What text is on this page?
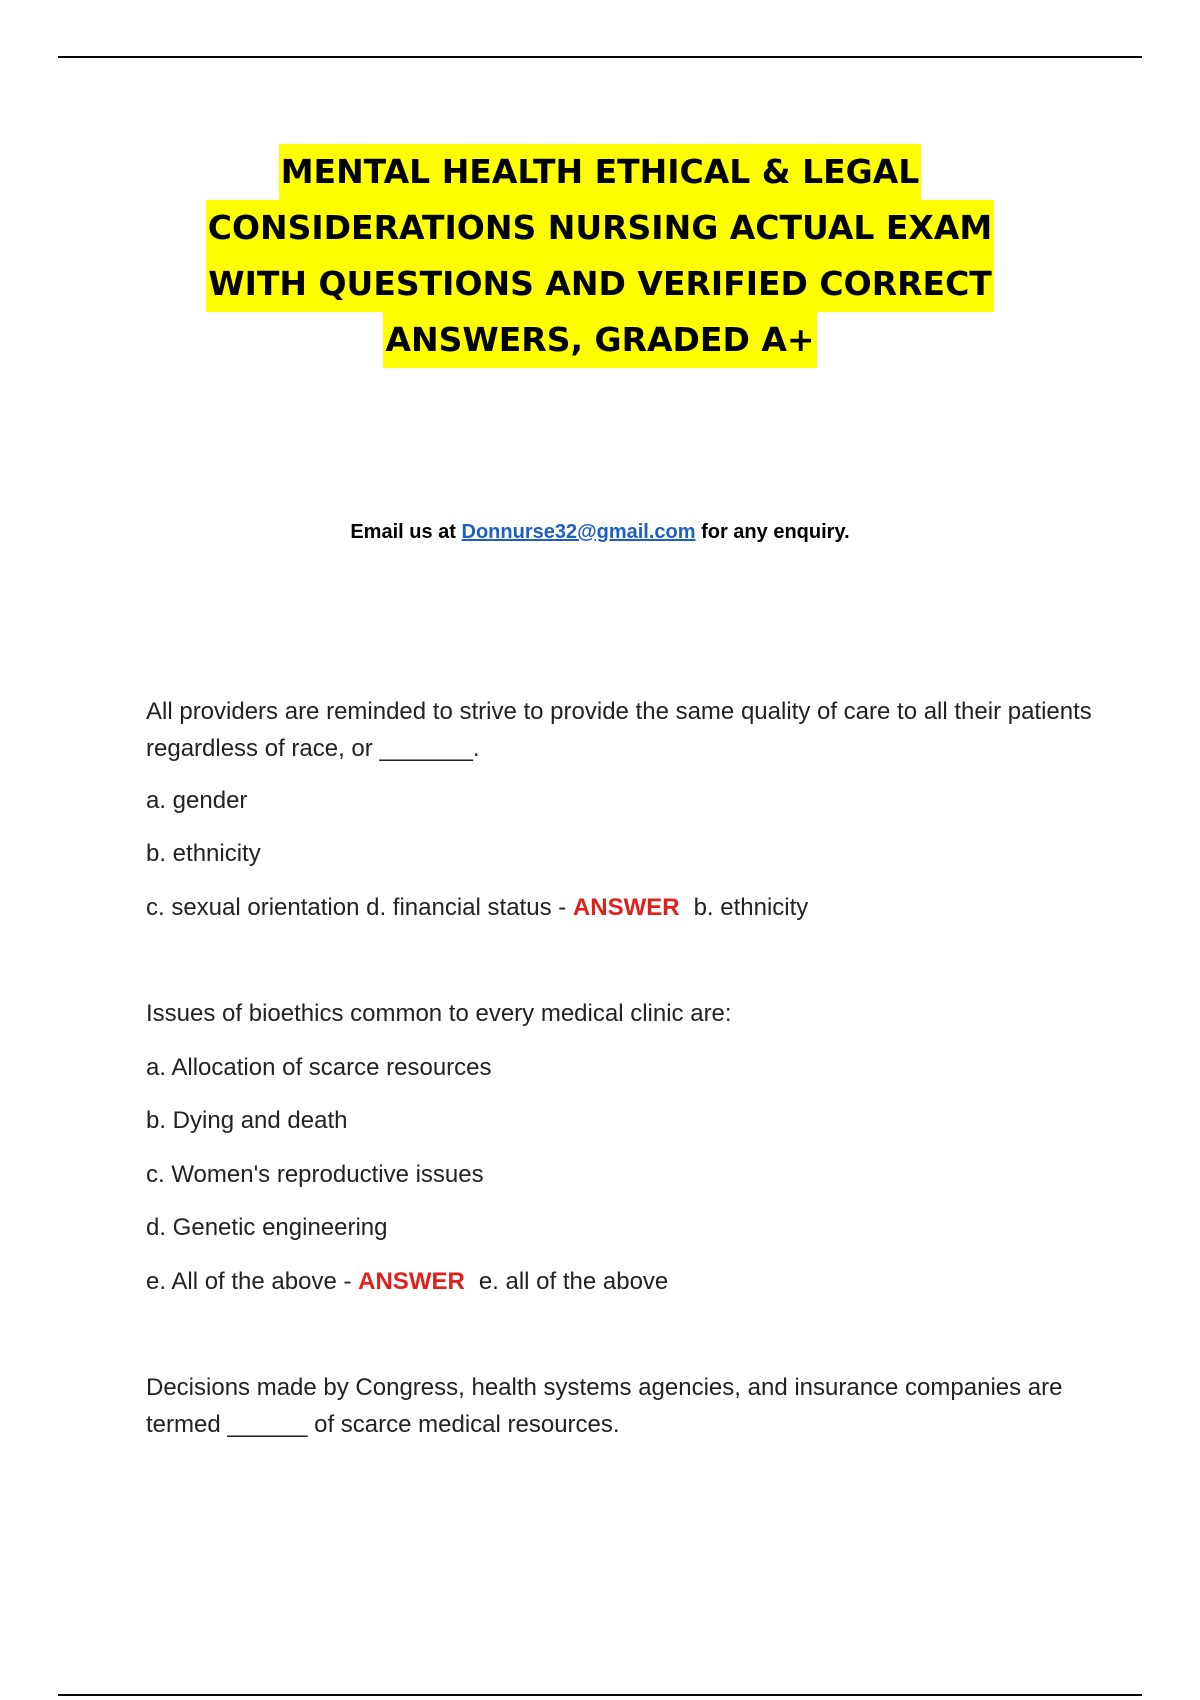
MENTAL HEALTH ETHICAL & LEGAL
CONSIDERATIONS NURSING ACTUAL EXAM
WITH QUESTIONS AND VERIFIED CORRECT
ANSWERS, GRADED A+
Email us at Donnurse32@gmail.com for any enquiry.

All providers are reminded to strive to provide the same quality of care to all their patients regardless of race, or _______.

a. gender

b. ethnicity

c. sexual orientation d. financial status - ANSWER b. ethnicity

Issues of bioethics common to every medical clinic are:

a. Allocation of scarce resources

b. Dying and death

c. Women's reproductive issues

d. Genetic engineering

e. All of the above - ANSWER e. all of the above

Decisions made by Congress, health systems agencies, and insurance companies are termed ______ of scarce medical resources.
